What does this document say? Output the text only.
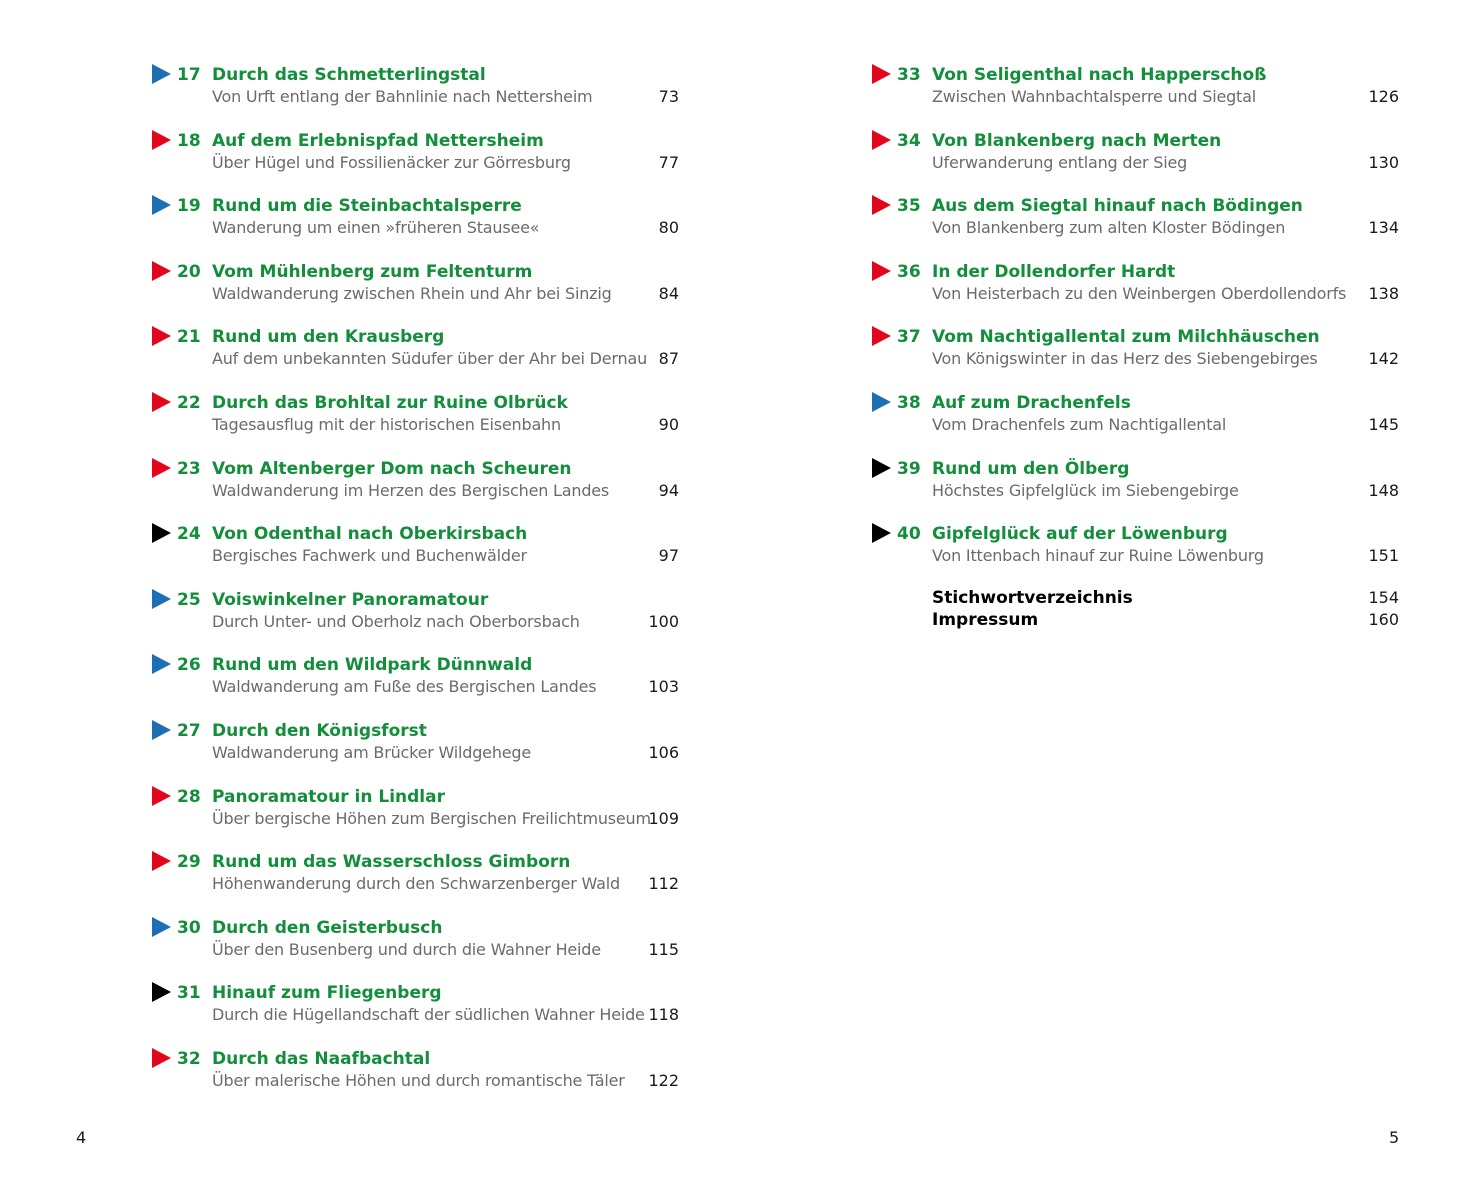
17 Durch das Schmetterlingstal
Von Urft entlang der Bahnlinie nach Nettersheim	73
18 Auf dem Erlebnispfad Nettersheim
Über Hügel und Fossilienäcker zur Görresburg	77
19 Rund um die Steinbachtalsperre
Wanderung um einen »früheren Stausee«	80
20 Vom Mühlenberg zum Feltenturm
Waldwanderung zwischen Rhein und Ahr bei Sinzig	84
21 Rund um den Krausberg
Auf dem unbekannten Südufer über der Ahr bei Dernau 87
22 Durch das Brohltal zur Ruine Olbrück
Tagesausflug mit der historischen Eisenbahn	90
23 Vom Altenberger Dom nach Scheuren
Waldwanderung im Herzen des Bergischen Landes	94
24 Von Odenthal nach Oberkirsbach
Bergisches Fachwerk und Buchenwälder	97
25 Voiswinkelner Panoramatour
Durch Unter- und Oberholz nach Oberborsbach	100
26 Rund um den Wildpark Dünnwald
Waldwanderung am Fuße des Bergischen Landes	103
27 Durch den Königsforst
Waldwanderung am Brücker Wildgehege	106
28 Panoramatour in Lindlar
Über bergische Höhen zum Bergischen Freilichtmuseum
109
29 Rund um das Wasserschloss Gimborn
Höhenwanderung durch den Schwarzenberger Wald 112
30 Durch den Geisterbusch
Über den Busenberg und durch die Wahner Heide	115
31 Hinauf zum Fliegenberg
Durch die Hügellandschaft der südlichen Wahner Heide 118
32 Durch das Naafbachtal
Über malerische Höhen und durch romantische Täler 122
33 Von Seligenthal nach Happerschoß
Zwischen Wahnbachtalsperre und Siegtal	126
34 Von Blankenberg nach Merten
Uferwanderung entlang der Sieg	130
35 Aus dem Siegtal hinauf nach Bödingen
Von Blankenberg zum alten Kloster Bödingen	134
36 In der Dollendorfer Hardt
Von Heisterbach zu den Weinbergen Oberdollendorfs 138
37 Vom Nachtigallental zum Milchhäuschen
Von Königswinter in das Herz des Siebengebirges	142
38 Auf zum Drachenfels
Vom Drachenfels zum Nachtigallental	145
39 Rund um den Ölberg
Höchstes Gipfelglück im Siebengebirge	148
40 Gipfelglück auf der Löwenburg
Von Ittenbach hinauf zur Ruine Löwenburg	151
Stichwortverzeichnis	154
Impressum	160
4	5
